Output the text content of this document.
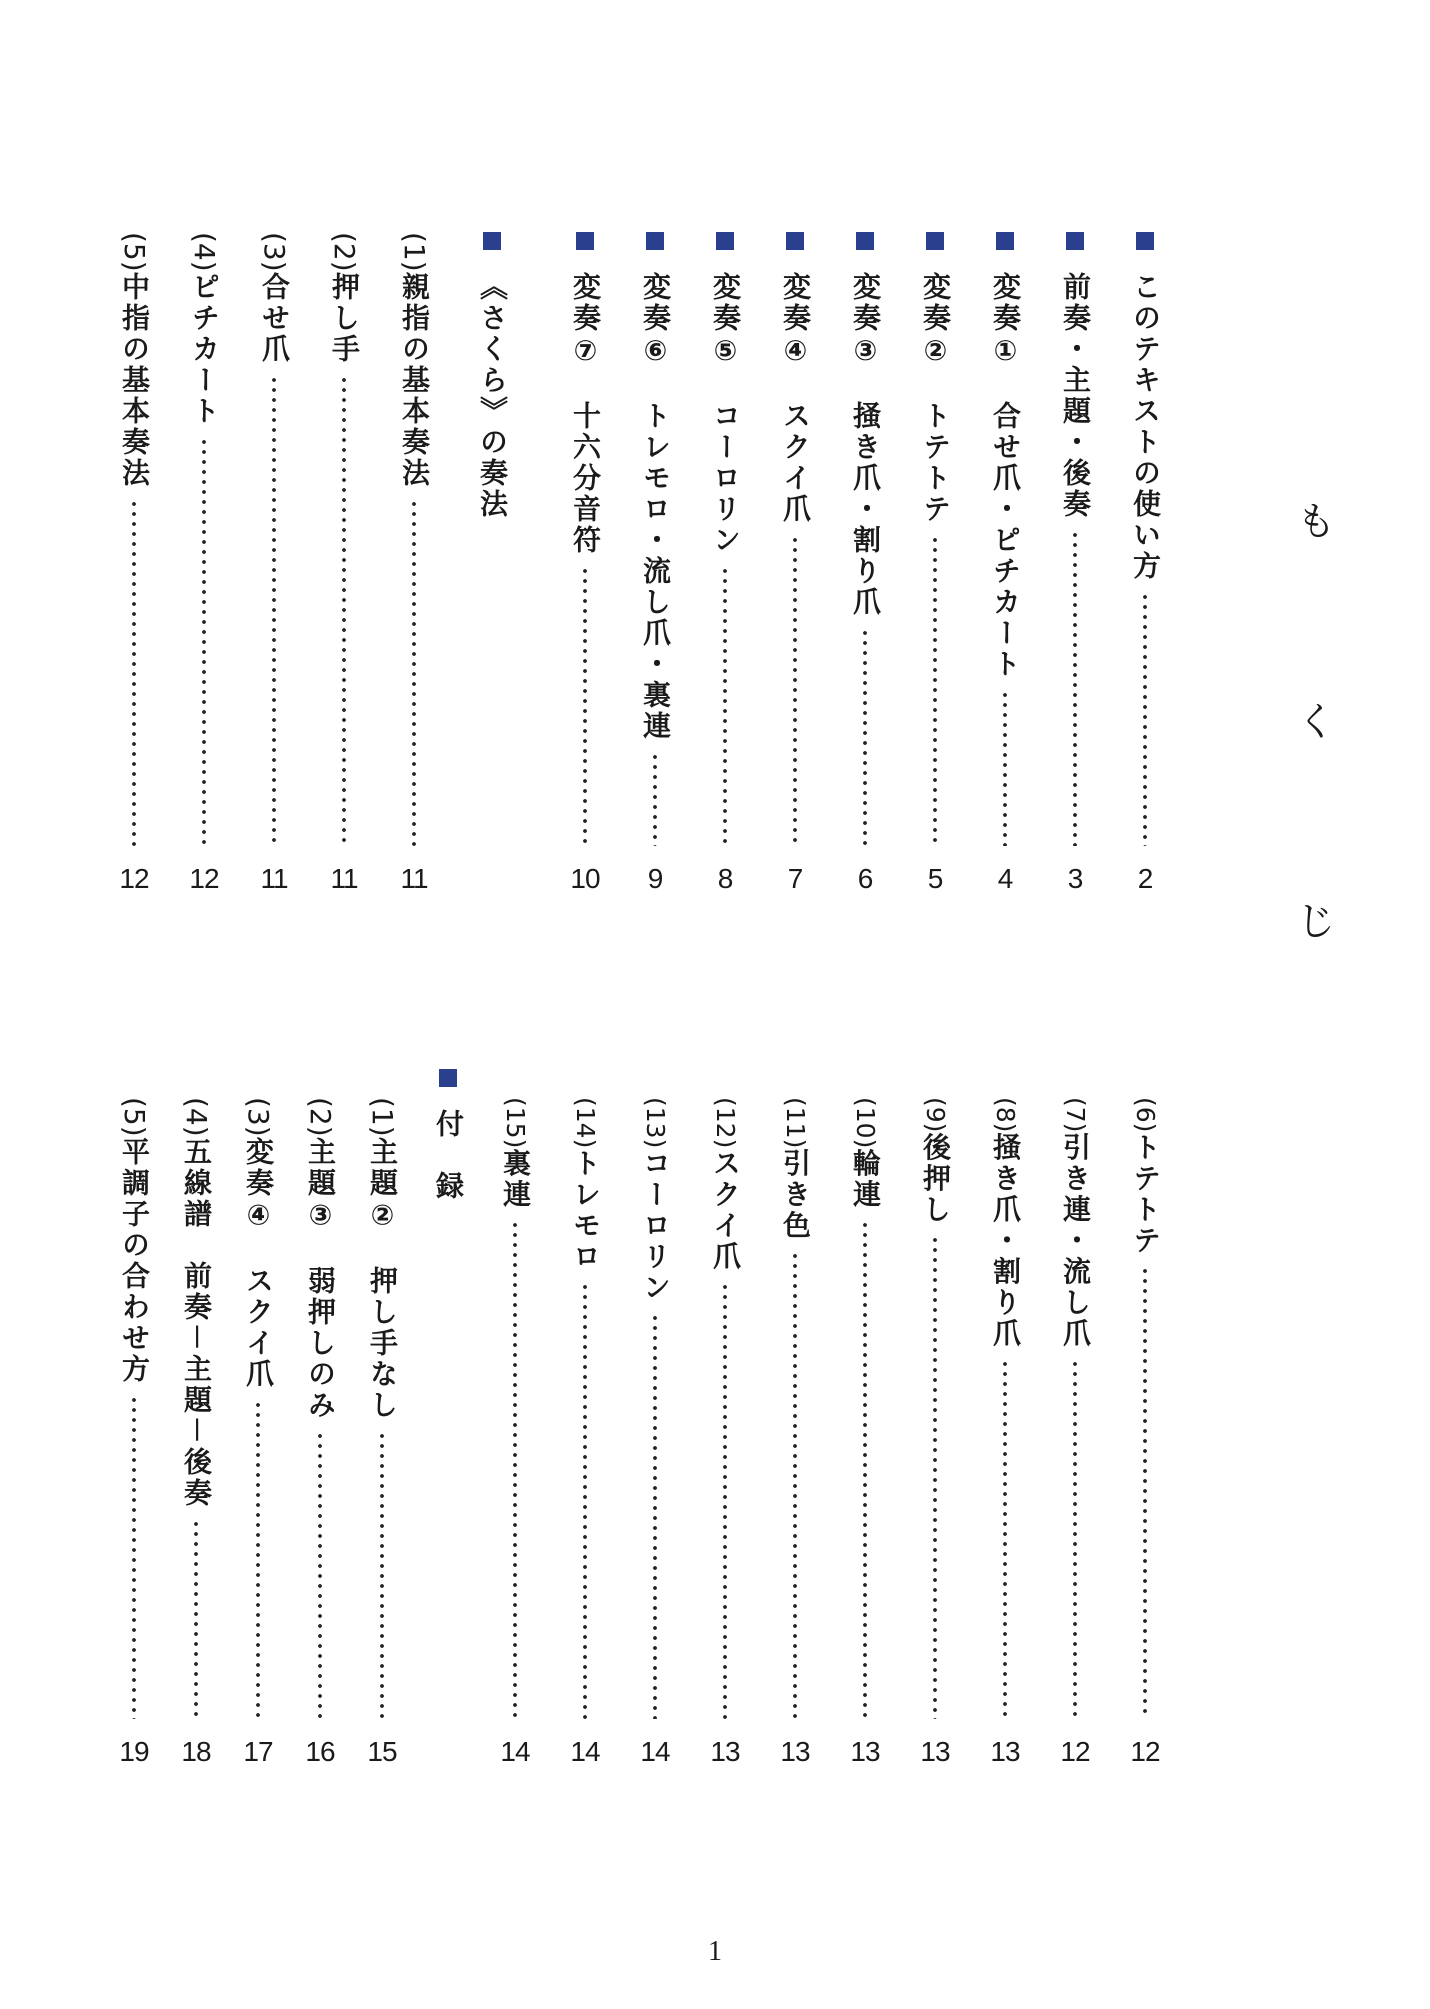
も　く　じ
このテキストの使い方
2
前奏・主題・後奏
3
変奏①　合せ爪・ピチカート
4
変奏②　トテトテ
5
変奏③　掻き爪・割り爪
6
変奏④　スクイ爪
7
変奏⑤　コーロリン
8
変奏⑥　トレモロ・流し爪・裏連
9
変奏⑦　十六分音符
10
《さくら》の奏法
(1)親指の基本奏法
11
(2)押し手
11
(3)合せ爪
11
(4)ピチカート
12
(5)中指の基本奏法
12
(6)トテトテ
12
(7)引き連・流し爪
12
(8)掻き爪・割り爪
13
(9)後押し
13
(10)輪連
13
(11)引き色
13
(12)スクイ爪
13
(13)コーロリン
14
(14)トレモロ
14
(15)裏連
14
付　録
(1)主題②　押し手なし
15
(2)主題③　弱押しのみ
16
(3)変奏④　スクイ爪
17
(4)五線譜　前奏－主題－後奏
18
(5)平調子の合わせ方
19
1
